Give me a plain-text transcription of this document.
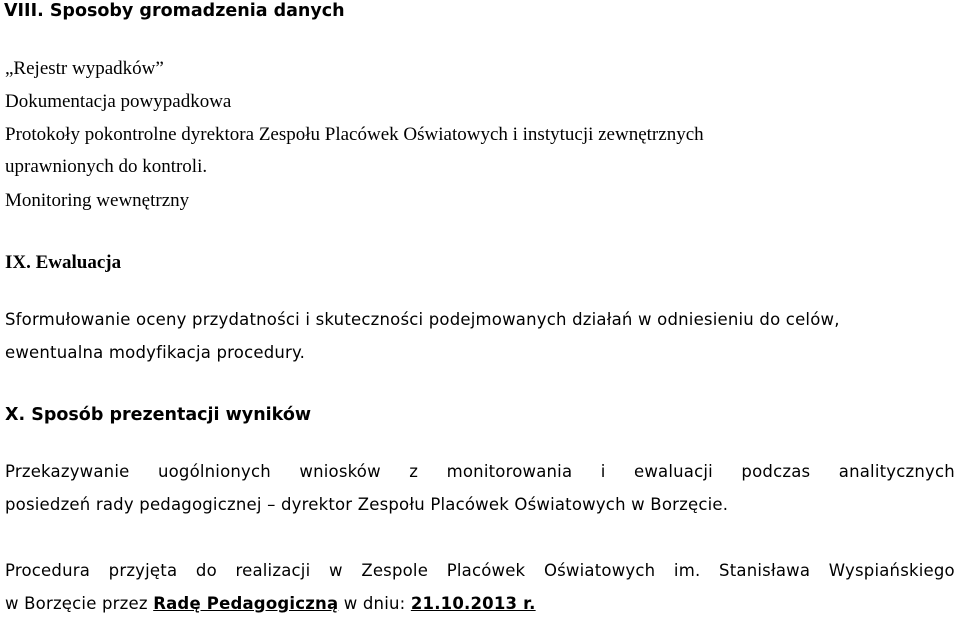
VIII. Sposoby gromadzenia danych
„Rejestr wypadków”
Dokumentacja powypadkowa
Protokoły pokontrolne dyrektora Zespołu Placówek Oświatowych i instytucji zewnętrznych
uprawnionych do kontroli.
Monitoring wewnętrzny
IX. Ewaluacja
Sformułowanie oceny przydatności i skuteczności podejmowanych działań w odniesieniu do celów,
ewentualna modyfikacja procedury.
X. Sposób prezentacji wyników
Przekazywanie uogólnionych wniosków z monitorowania i ewaluacji podczas analitycznych
posiedzeń rady pedagogicznej – dyrektor Zespołu Placówek Oświatowych w Borzęcie.
Procedura przyjęta do realizacji w Zespole Placówek Oświatowych im. Stanisława Wyspiańskiego
w Borzęcie przez Radę Pedagogiczną w dniu: 21.10.2013 r.
